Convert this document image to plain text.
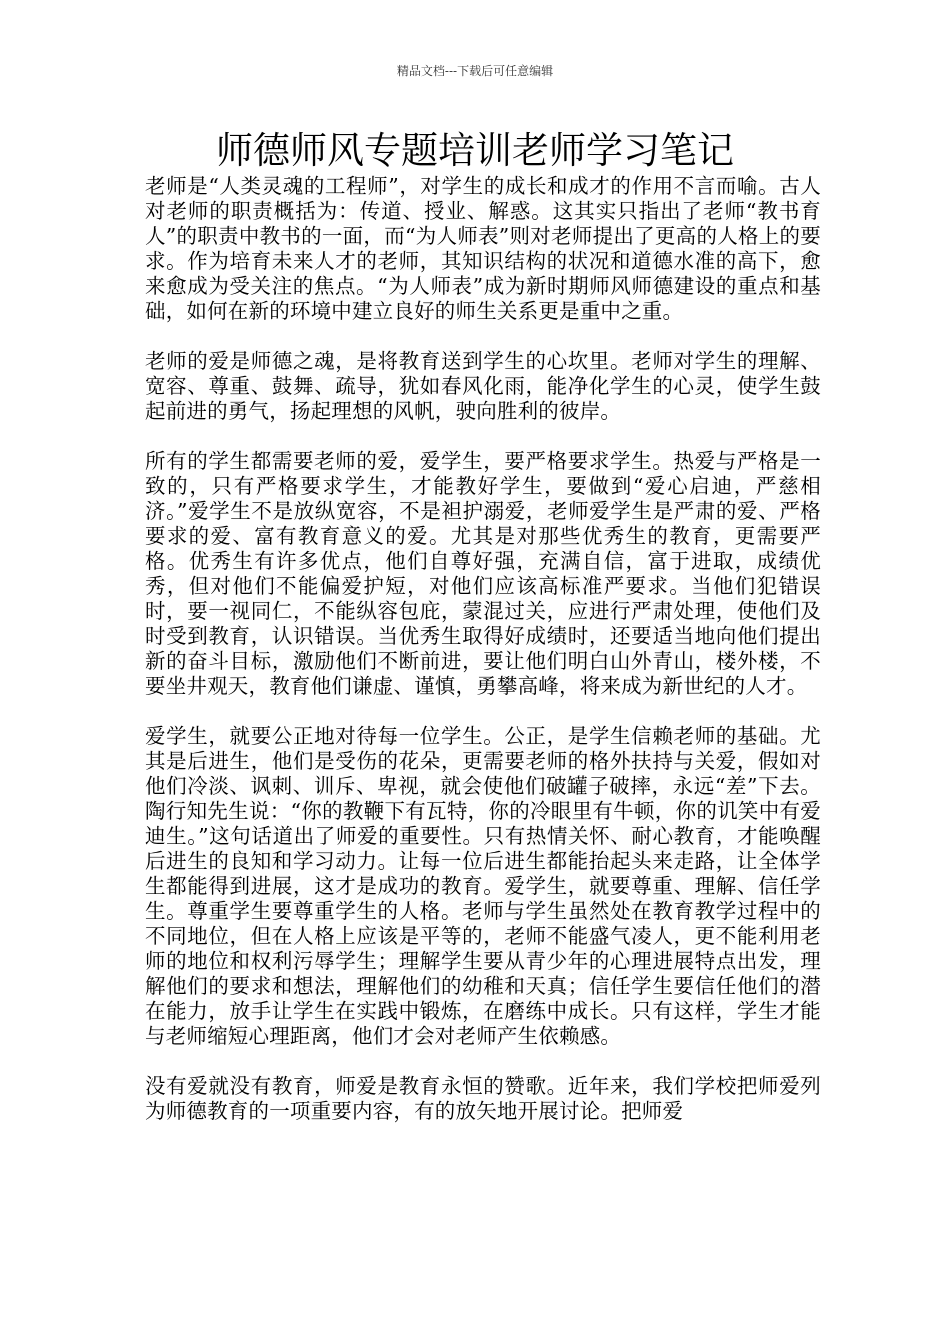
精品文档---下载后可任意编辑
师德师风专题培训老师学习笔记

老师是“人类灵魂的工程师”，对学生的成长和成才的作用不言而喻。古人对老师的职责概括为：传道、授业、解惑。这其实只指出了老师“教书育人”的职责中教书的一面，而“为人师表”则对老师提出了更高的人格上的要求。作为培育未来人才的老师，其知识结构的状况和道德水准的高下，愈来愈成为受关注的焦点。“为人师表”成为新时期师风师德建设的重点和基础，如何在新的环境中建立良好的师生关系更是重中之重。

老师的爱是师德之魂，是将教育送到学生的心坎里。老师对学生的理解、宽容、尊重、鼓舞、疏导，犹如春风化雨，能净化学生的心灵，使学生鼓起前进的勇气，扬起理想的风帆，驶向胜利的彼岸。

所有的学生都需要老师的爱，爱学生，要严格要求学生。热爱与严格是一致的，只有严格要求学生，才能教好学生，要做到“爱心启迪，严慈相济。”爱学生不是放纵宽容，不是袒护溺爱，老师爱学生是严肃的爱、严格要求的爱、富有教育意义的爱。尤其是对那些优秀生的教育，更需要严格。优秀生有许多优点，他们自尊好强，充满自信，富于进取，成绩优秀，但对他们不能偏爱护短，对他们应该高标准严要求。当他们犯错误时，要一视同仁，不能纵容包庇，蒙混过关，应进行严肃处理，使他们及时受到教育，认识错误。当优秀生取得好成绩时，还要适当地向他们提出新的奋斗目标，激励他们不断前进，要让他们明白山外青山，楼外楼，不要坐井观天，教育他们谦虚、谨慎，勇攀高峰，将来成为新世纪的人才。

爱学生，就要公正地对待每一位学生。公正，是学生信赖老师的基础。尤其是后进生，他们是受伤的花朵，更需要老师的格外扶持与关爱，假如对他们冷淡、讽刺、训斥、卑视，就会使他们破罐子破摔，永远“差”下去。陶行知先生说：“你的教鞭下有瓦特，你的冷眼里有牛顿，你的讥笑中有爱迪生。”这句话道出了师爱的重要性。只有热情关怀、耐心教育，才能唤醒后进生的良知和学习动力。让每一位后进生都能抬起头来走路，让全体学生都能得到进展，这才是成功的教育。爱学生，就要尊重、理解、信任学生。尊重学生要尊重学生的人格。老师与学生虽然处在教育教学过程中的不同地位，但在人格上应该是平等的，老师不能盛气凌人，更不能利用老师的地位和权利污辱学生；理解学生要从青少年的心理进展特点出发，理解他们的要求和想法，理解他们的幼稚和天真；信任学生要信任他们的潜在能力，放手让学生在实践中锻炼，在磨练中成长。只有这样，学生才能与老师缩短心理距离，他们才会对老师产生依赖感。

没有爱就没有教育，师爱是教育永恒的赞歌。近年来，我们学校把师爱列为师德教育的一项重要内容，有的放矢地开展讨论。把师爱
